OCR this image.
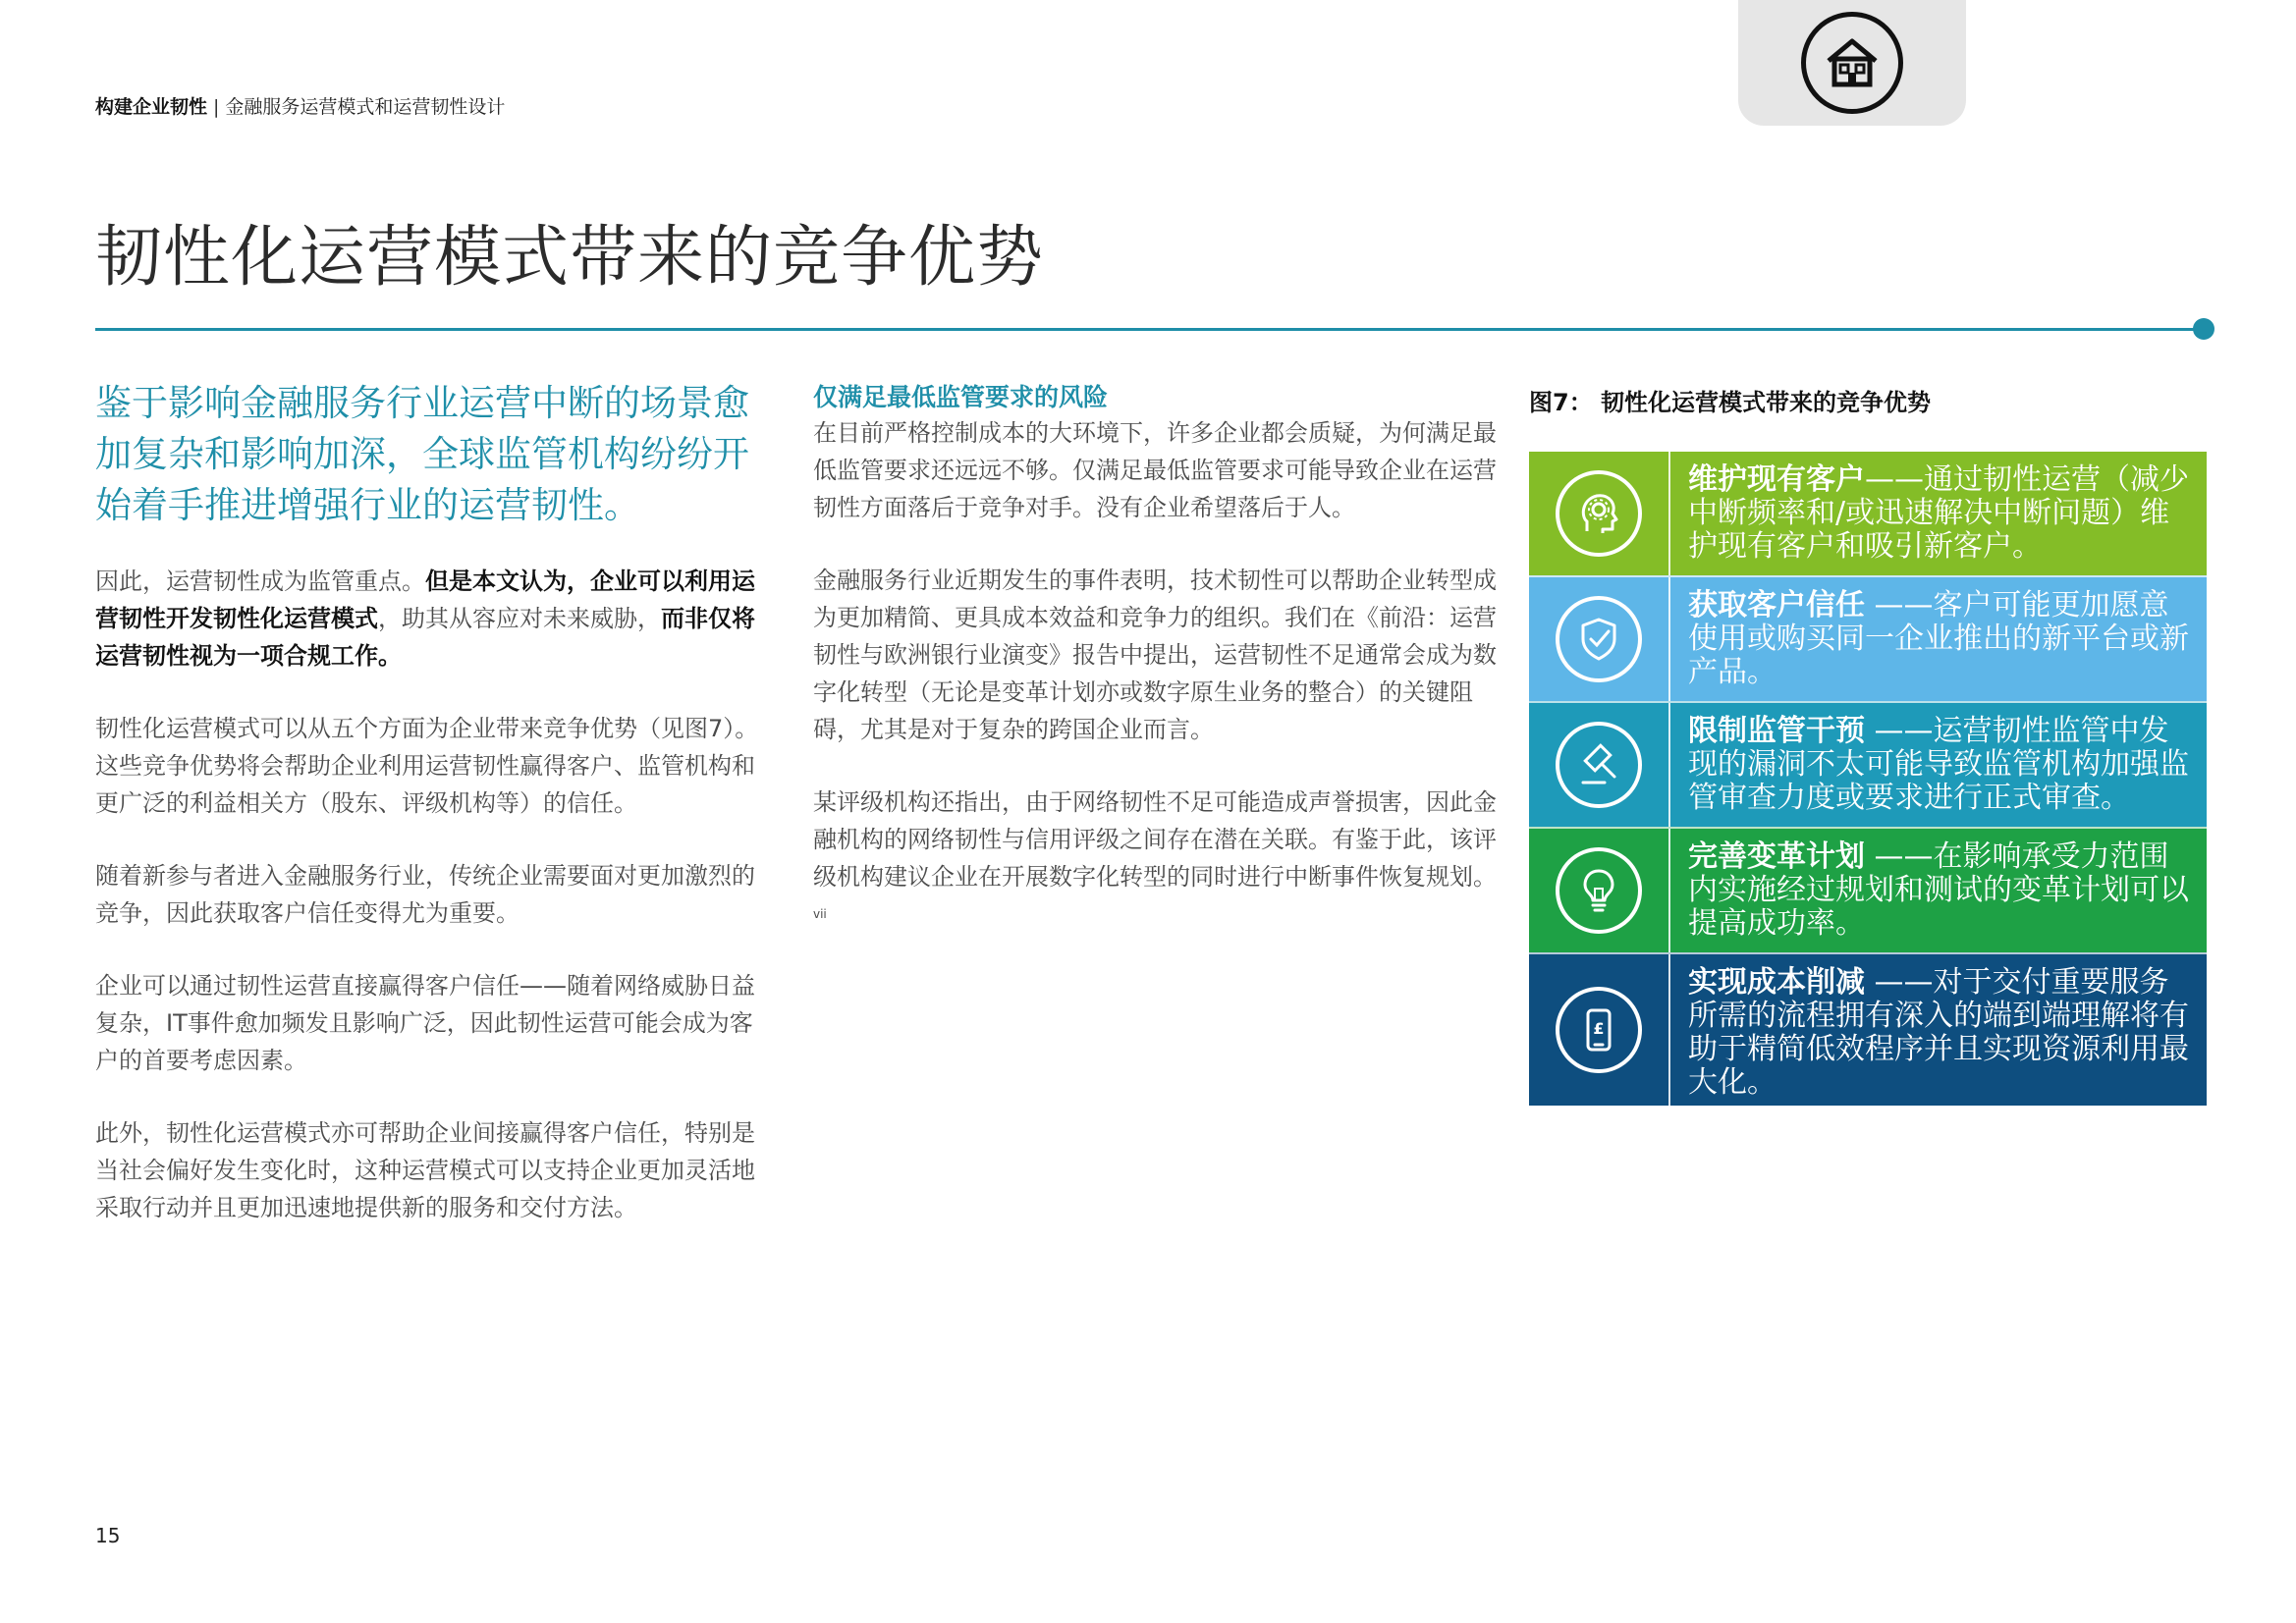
构建企业韧性 | 金融服务运营模式和运营韧性设计
韧性化运营模式带来的竞争优势

鉴于影响金融服务行业运营中断的场景愈加复杂和影响加深，全球监管机构纷纷开始着手推进增强行业的运营韧性。

因此，运营韧性成为监管重点。但是本文认为，企业可以利用运营韧性开发韧性化运营模式，助其从容应对未来威胁，而非仅将运营韧性视为一项合规工作。

韧性化运营模式可以从五个方面为企业带来竞争优势（见图7）。这些竞争优势将会帮助企业利用运营韧性赢得客户、监管机构和更广泛的利益相关方（股东、评级机构等）的信任。

随着新参与者进入金融服务行业，传统企业需要面对更加激烈的竞争，因此获取客户信任变得尤为重要。

企业可以通过韧性运营直接赢得客户信任——随着网络威胁日益复杂，IT事件愈加频发且影响广泛，因此韧性运营可能会成为客户的首要考虑因素。

此外，韧性化运营模式亦可帮助企业间接赢得客户信任，特别是当社会偏好发生变化时，这种运营模式可以支持企业更加灵活地采取行动并且更加迅速地提供新的服务和交付方法。

仅满足最低监管要求的风险

在目前严格控制成本的大环境下，许多企业都会质疑，为何满足最低监管要求还远远不够。仅满足最低监管要求可能导致企业在运营韧性方面落后于竞争对手。没有企业希望落后于人。

金融服务行业近期发生的事件表明，技术韧性可以帮助企业转型成为更加精简、更具成本效益和竞争力的组织。我们在《前沿：运营韧性与欧洲银行业演变》报告中提出，运营韧性不足通常会成为数字化转型（无论是变革计划亦或数字原生业务的整合）的关键阻碍，尤其是对于复杂的跨国企业而言。

某评级机构还指出，由于网络韧性不足可能造成声誉损害，因此金融机构的网络韧性与信用评级之间存在潜在关联。有鉴于此，该评级机构建议企业在开展数字化转型的同时进行中断事件恢复规划。$^{vii}$

图7： 韧性化运营模式带来的竞争优势

维护现有客户——通过韧性运营（减少中断频率和/或迅速解决中断问题）维护现有客户和吸引新客户。
获取客户信任 ——客户可能更加愿意使用或购买同一企业推出的新平台或新产品。
限制监管干预 ——运营韧性监管中发现的漏洞不太可能导致监管机构加强监管审查力度或要求进行正式审查。
完善变革计划 ——在影响承受力范围内实施经过规划和测试的变革计划可以提高成功率。
£
实现成本削减 ——对于交付重要服务所需的流程拥有深入的端到端理解将有助于精简低效程序并且实现资源利用最大化。
15
